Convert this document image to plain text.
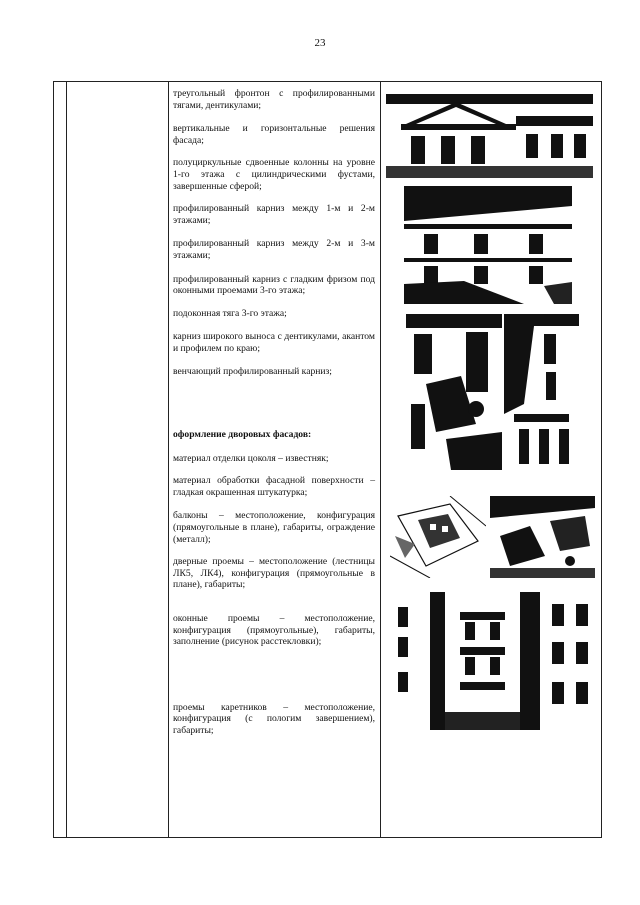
23

треугольный фронтон с профилированными тягами, дентикулами;

вертикальные и горизонтальные решения фасада;

полуциркульные сдвоенные колонны на уровне 1-го этажа с цилиндрическими фустами, завершенные сферой;

профилированный карниз между 1-м и 2-м этажами;

профилированный карниз между 2-м и 3-м этажами;

профилированный карниз с гладким фризом под оконными проемами 3-го этажа;

подоконная тяга 3-го этажа;

карниз широкого выноса с дентикулами, акантом и профилем по краю;

венчающий профилированный карниз;

оформление дворовых фасадов:

материал отделки цоколя – известняк;

материал обработки фасадной поверхности – гладкая окрашенная штукатурка;

балконы – местоположение, конфигурация (прямоугольные в плане), габариты, ограждение (металл);

дверные проемы – местоположение (лестницы ЛК5, ЛК4), конфигурация (прямоугольные в плане), габариты;

оконные проемы – местоположение, конфигурация (прямоугольные), габариты, заполнение (рисунок расстекловки);

проемы каретников – местоположение, конфигурация (с пологим завершением), габариты;
